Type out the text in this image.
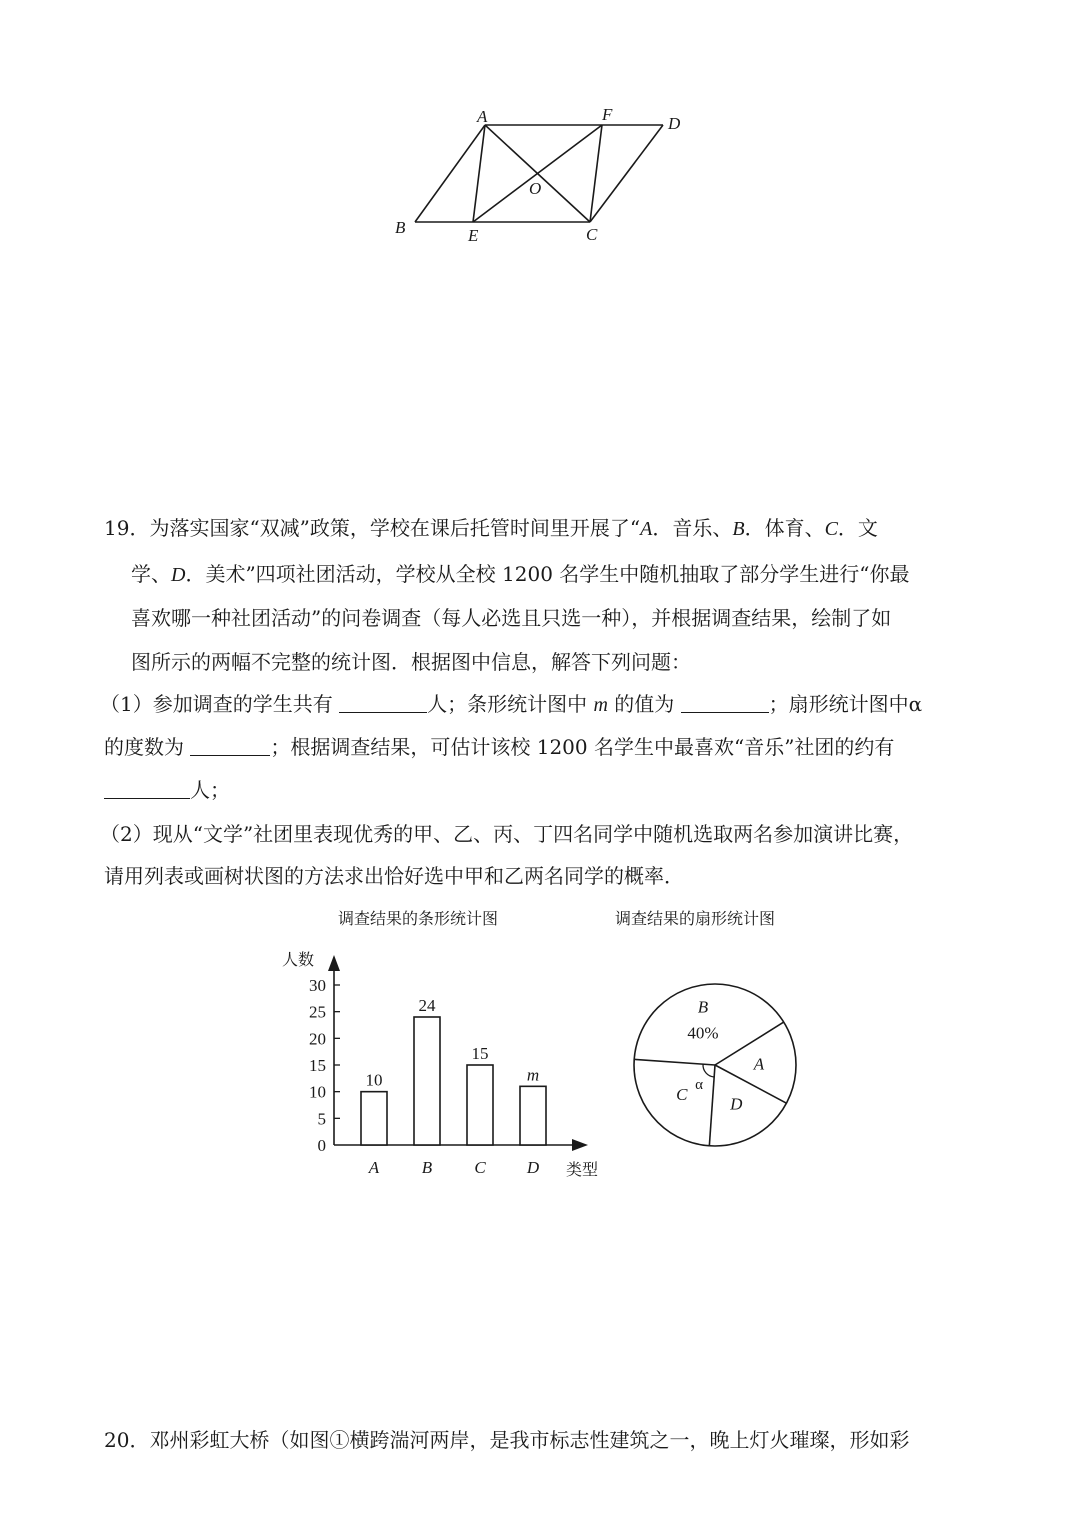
A	F	D
O
B	E	C
19．为落实国家“双减”政策，学校在课后托管时间里开展了“A．音乐、B．体育、C．文
学、D．美术”四项社团活动，学校从全校 1200 名学生中随机抽取了部分学生进行“你最
喜欢哪一种社团活动”的问卷调查（每人必选且只选一种），并根据调查结果，绘制了如
图所示的两幅不完整的统计图．根据图中信息，解答下列问题：
（1）参加调查的学生共有	人；条形统计图中 m 的值为	；扇形统计图中α
的度数为	；根据调查结果，可估计该校 1200 名学生中最喜欢“音乐”社团的约有
人；
（2）现从“文学”社团里表现优秀的甲、乙、丙、丁四名同学中随机选取两名参加演讲比赛，
请用列表或画树状图的方法求出恰好选中甲和乙两名同学的概率．
调查结果的条形统计图	调查结果的扇形统计图
人数
类型
0
5
10
15
20
25
30
10
A
24
B
15
C
m
D
B
40%
A
D
C α
20．邓州彩虹大桥（如图①横跨湍河两岸，是我市标志性建筑之一，晚上灯火璀璨，形如彩
